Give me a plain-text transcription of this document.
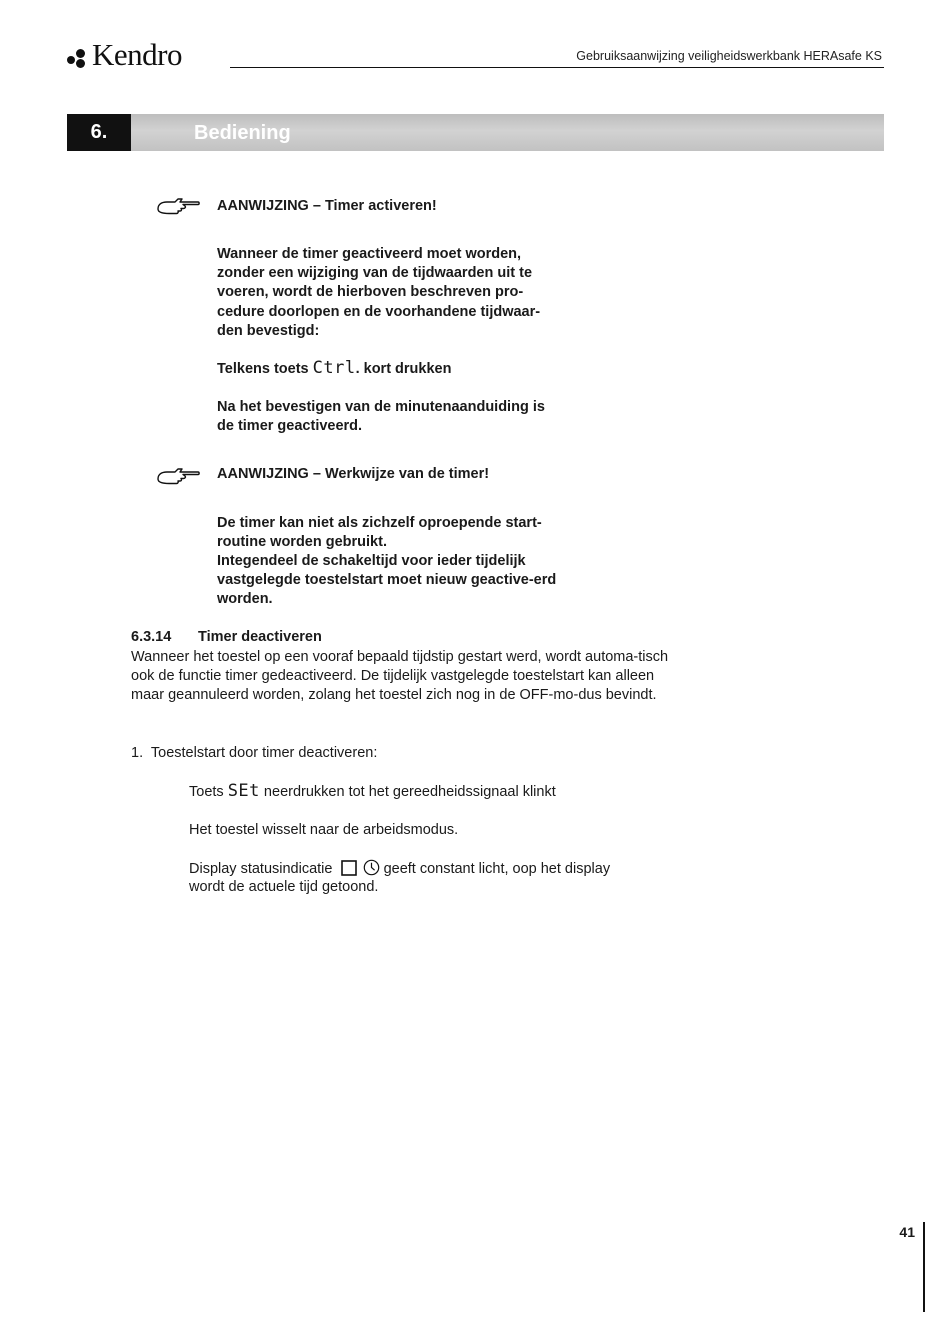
Kendro	Gebruiksaanwijzing veiligheidswerkbank HERAsafe KS
6.	Bediening
AANWIJZING – Timer activeren!
Wanneer de timer geactiveerd moet worden, zonder een wijziging van de tijdwaarden uit te voeren, wordt de hierboven beschreven pro-cedure doorlopen en de voorhandene tijdwaar-den bevestigd:
Telkens toets Ctrl. kort drukken
Na het bevestigen van de minutenaanduiding is de timer geactiveerd.
AANWIJZING – Werkwijze van de timer!
De timer kan niet als zichzelf oproepende start-routine worden gebruikt.
Integendeel de schakeltijd voor ieder tijdelijk vastgelegde toestelstart moet nieuw geactive-erd worden.
6.3.14 Timer deactiveren
Wanneer het toestel op een vooraf bepaald tijdstip gestart werd, wordt automa-tisch ook de functie timer gedeactiveerd. De tijdelijk vastgelegde toestelstart kan alleen maar geannuleerd worden, zolang het toestel zich nog in de OFF-mo-dus bevindt.
1.  Toestelstart door timer deactiveren:
Toets SEt neerdrukken tot het gereedheidssignaal klinkt
Het toestel wisselt naar de arbeidsmodus.
Display statusindicatie	geeft constant licht, oop het display
wordt de actuele tijd getoond.
41
